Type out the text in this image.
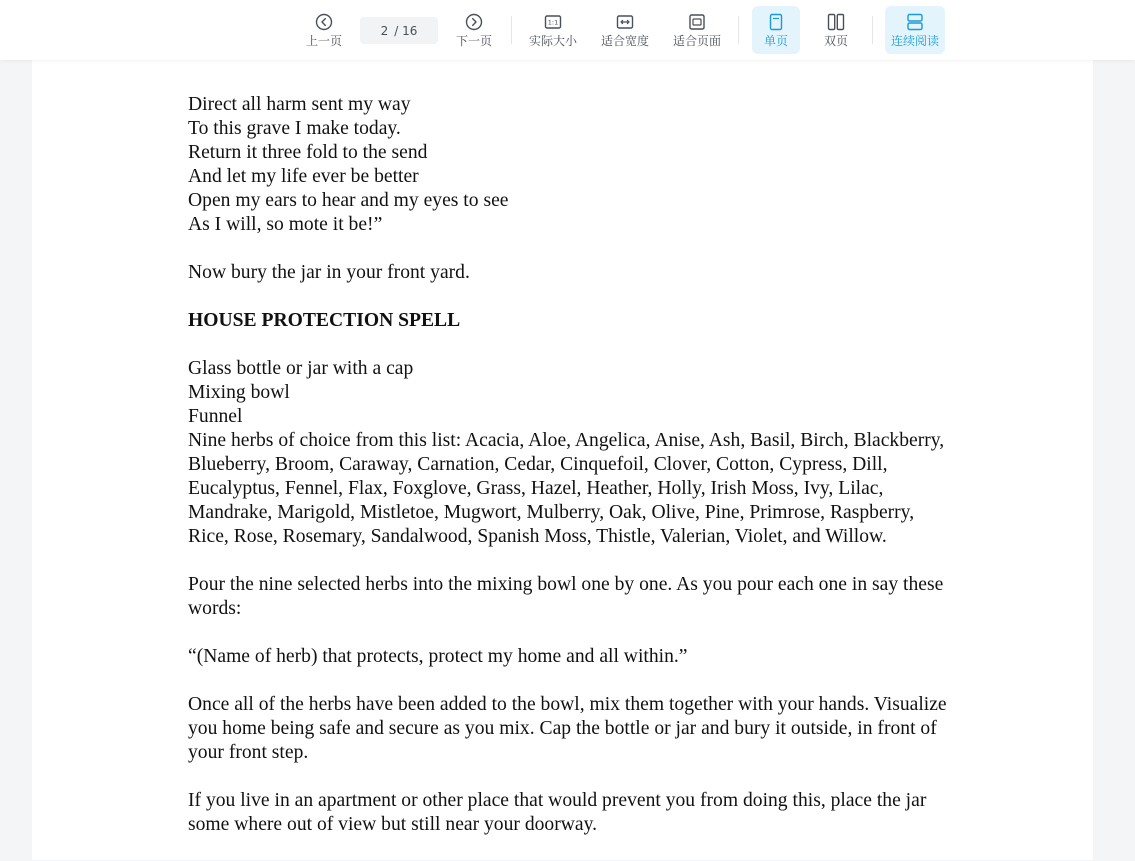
上一页
2 / 16
下一页
1:1
实际大小 适合宽度 适合页面	单页	双页	连续阅读

Direct all harm sent my way
To this grave I make today.
Return it three fold to the send
And let my life ever be better
Open my ears to hear and my eyes to see
As I will, so mote it be!”

Now bury the jar in your front yard.

HOUSE PROTECTION SPELL

Glass bottle or jar with a cap
Mixing bowl
Funnel
Nine herbs of choice from this list: Acacia, Aloe, Angelica, Anise, Ash, Basil, Birch, Blackberry, Blueberry, Broom, Caraway, Carnation, Cedar, Cinquefoil, Clover, Cotton, Cypress, Dill, Eucalyptus, Fennel, Flax, Foxglove, Grass, Hazel, Heather, Holly, Irish Moss, Ivy, Lilac, Mandrake, Marigold, Mistletoe, Mugwort, Mulberry, Oak, Olive, Pine, Primrose, Raspberry, Rice, Rose, Rosemary, Sandalwood, Spanish Moss, Thistle, Valerian, Violet, and Willow.

Pour the nine selected herbs into the mixing bowl one by one. As you pour each one in say these words:

“(Name of herb) that protects, protect my home and all within.”

Once all of the herbs have been added to the bowl, mix them together with your hands. Visualize you home being safe and secure as you mix. Cap the bottle or jar and bury it outside, in front of your front step.

If you live in an apartment or other place that would prevent you from doing this, place the jar some where out of view but still near your doorway.
